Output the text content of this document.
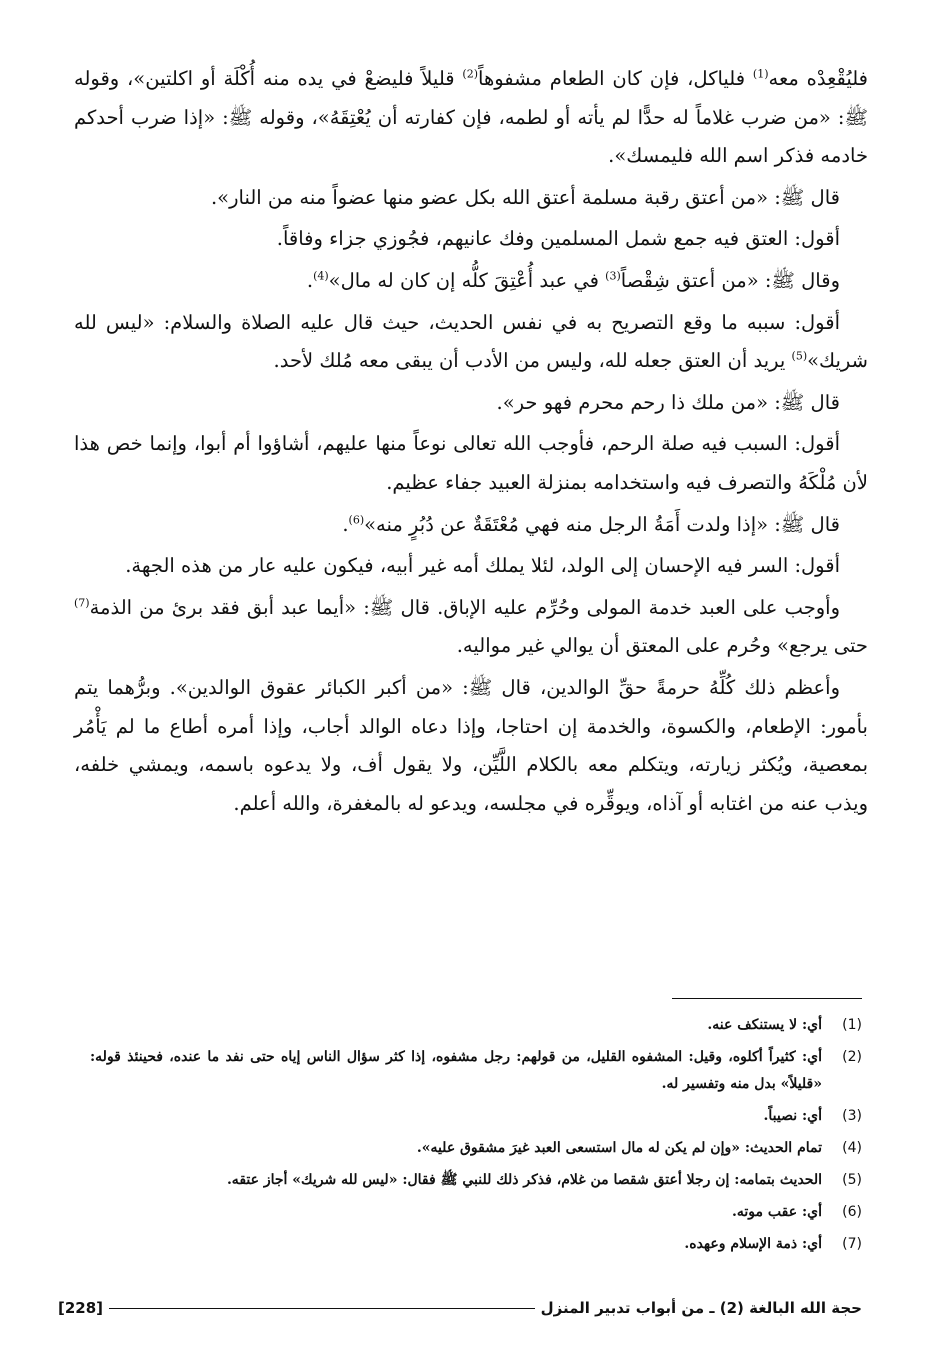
فليُقْعِدْه معه$^{(1)}$ فلياكل، فإن كان الطعام مشفوهاً$^{(2)}$ قليلاً فليضعْ في يده منه أُكْلَة أو اكلتين»، وقوله ﷺ: «من ضرب غلاماً له حدًّا لم يأته أو لطمه، فإن كفارته أن يُعْتِقَهُ»، وقوله ﷺ: «إذا ضرب أحدكم خادمه فذكر اسم الله فليمسك».

قال ﷺ: «من أعتق رقبة مسلمة أعتق الله بكل عضو منها عضواً منه من النار».

أقول: العتق فيه جمع شمل المسلمين وفك عانيهم، فجُوزي جزاء وفاقاً.

وقال ﷺ: «من أعتق شِقْصاً$^{(3)}$ في عبد أُعْتِقَ كلُّه إن كان له مال»$^{(4)}$.

أقول: سببه ما وقع التصريح به في نفس الحديث، حيث قال عليه الصلاة والسلام: «ليس لله شريك»$^{(5)}$ يريد أن العتق جعله لله، وليس من الأدب أن يبقى معه مُلك لأحد.

قال ﷺ: «من ملك ذا رحم محرم فهو حر».

أقول: السبب فيه صلة الرحم، فأوجب الله تعالى نوعاً منها عليهم، أشاؤوا أم أبوا، وإنما خص هذا لأن مُلْكَهُ والتصرف فيه واستخدامه بمنزلة العبيد جفاء عظيم.

قال ﷺ: «إذا ولدت أَمَةُ الرجل منه فهي مُعْتَقَةٌ عن دُبُرٍ منه»$^{(6)}$.

أقول: السر فيه الإحسان إلى الولد، لئلا يملك أمه غير أبيه، فيكون عليه عار من هذه الجهة.

وأوجب على العبد خدمة المولى وحُرِّم عليه الإباق. قال ﷺ: «أيما عبد أبق فقد برئ من الذمة$^{(7)}$ حتى يرجع» وحُرم على المعتق أن يوالي غير مواليه.

وأعظم ذلك كُلِّهُ حرمةً حقِّ الوالدين، قال ﷺ: «من أكبر الكبائر عقوق الوالدين». وبرُّهما يتم بأمور: الإطعام، والكسوة، والخدمة إن احتاجا، وإذا دعاه الوالد أجاب، وإذا أمره أطاع ما لم يَأْمُر بمعصية، ويُكثر زيارته، ويتكلم معه بالكلام اللَّيِّن، ولا يقول أف، ولا يدعوه باسمه، ويمشي خلفه، ويذب عنه من اغتابه أو آذاه، ويوقِّره في مجلسه، ويدعو له بالمغفرة، والله أعلم.

(1)
أي: لا يستنكف عنه.
(2)
أي: كثيراً أكلوه، وقيل: المشفوه القليل، من قولهم: رجل مشفوه، إذا كثر سؤال الناس إياه حتى نفد ما عنده، فحينئذ قوله: «قليلاً» بدل منه وتفسير له.
(3)
أي: نصيباً.
(4)
تمام الحديث: «وإن لم يكن له مال استسعى العبد غيرَ مشقوق عليه».
(5)
الحديث بتمامه: إن رجلا أعتق شقصا من غلام، فذكر ذلك للنبي ﷺ فقال: «ليس لله شريك» أجاز عتقه.
(6)
أي: عقب موته.
(7)
أي: ذمة الإسلام وعهده.
حجة الله البالغة (2) ـ من أبواب تدبير المنزل
[228]
